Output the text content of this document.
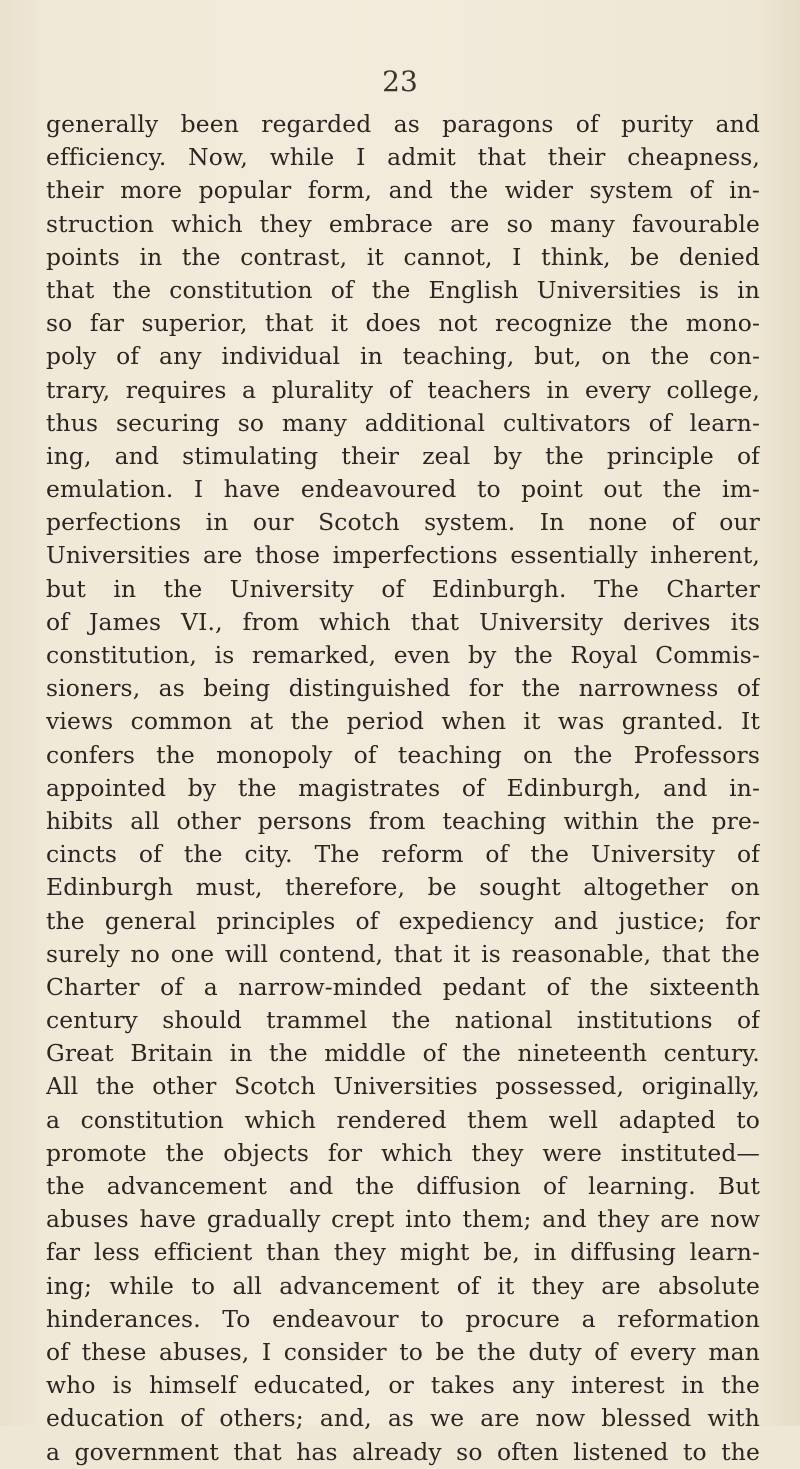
23
generally been regarded as paragons of purity and
efficiency. Now, while I admit that their cheapness,
their more popular form, and the wider system of in-
struction which they embrace are so many favourable
points in the contrast, it cannot, I think, be denied
that the constitution of the English Universities is in
so far superior, that it does not recognize the mono-
poly of any individual in teaching, but, on the con-
trary, requires a plurality of teachers in every college,
thus securing so many additional cultivators of learn-
ing, and stimulating their zeal by the principle of
emulation. I have endeavoured to point out the im-
perfections in our Scotch system. In none of our
Universities are those imperfections essentially inherent,
but in the University of Edinburgh. The Charter
of James VI., from which that University derives its
constitution, is remarked, even by the Royal Commis-
sioners, as being distinguished for the narrowness of
views common at the period when it was granted. It
confers the monopoly of teaching on the Professors
appointed by the magistrates of Edinburgh, and in-
hibits all other persons from teaching within the pre-
cincts of the city. The reform of the University of
Edinburgh must, therefore, be sought altogether on
the general principles of expediency and justice; for
surely no one will contend, that it is reasonable, that the
Charter of a narrow-minded pedant of the sixteenth
century should trammel the national institutions of
Great Britain in the middle of the nineteenth century.
All the other Scotch Universities possessed, originally,
a constitution which rendered them well adapted to
promote the objects for which they were instituted—
the advancement and the diffusion of learning. But
abuses have gradually crept into them; and they are now
far less efficient than they might be, in diffusing learn-
ing; while to all advancement of it they are absolute
hinderances. To endeavour to procure a reformation
of these abuses, I consider to be the duty of every man
who is himself educated, or takes any interest in the
education of others; and, as we are now blessed with
a government that has already so often listened to the
